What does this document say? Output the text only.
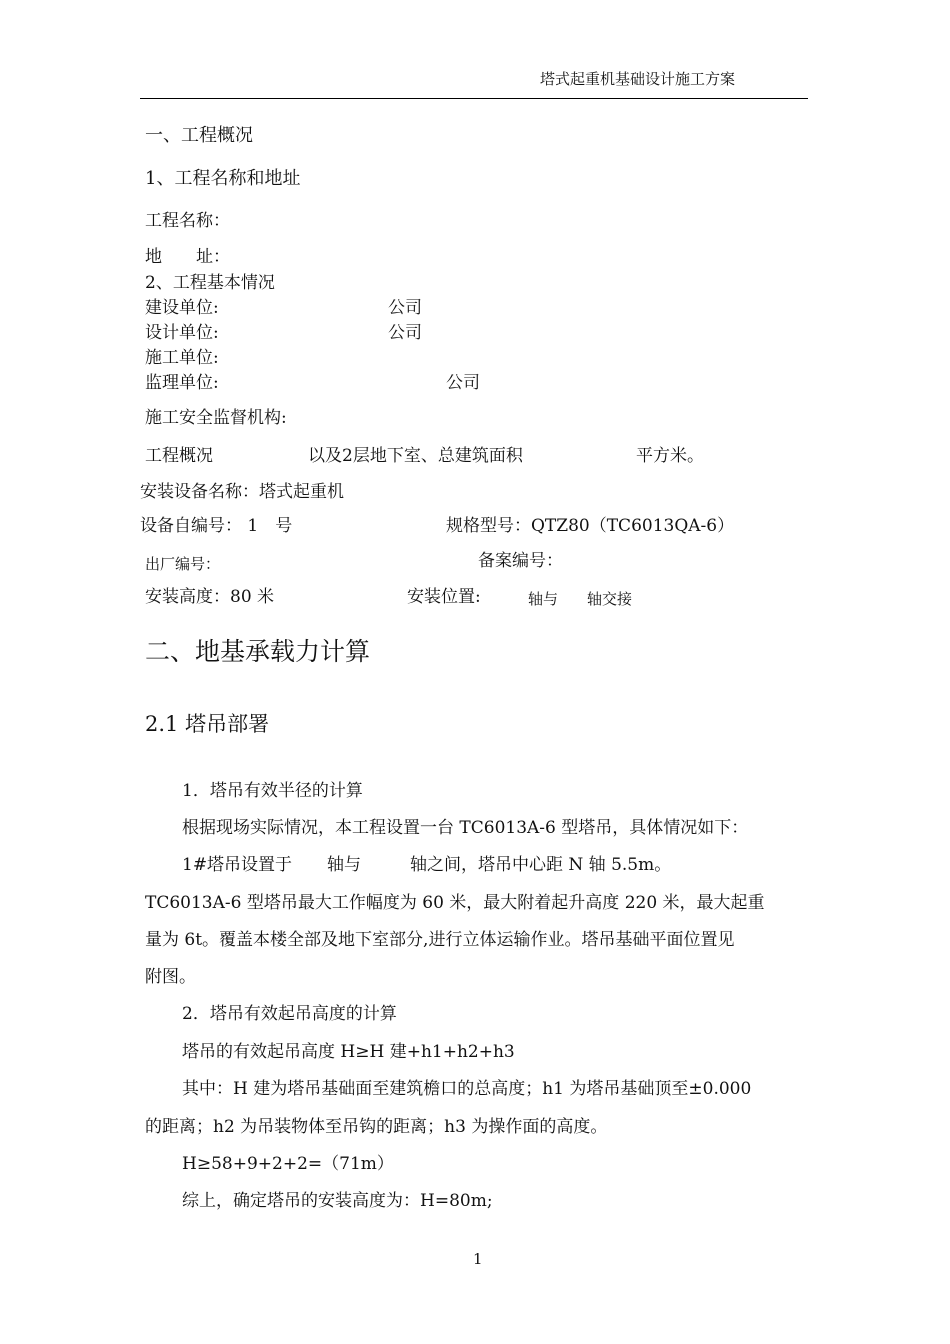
塔式起重机基础设计施工方案
一、工程概况
1、工程名称和地址
工程名称：
地　　址：
2、工程基本情况
建设单位:	公司
设计单位:	公司
施工单位:
监理单位:	公司
施工安全监督机构:
工程概况	以及2层地下室、总建筑面积	平方米。
安装设备名称：塔式起重机
设备自编号： 1　号	规格型号：QTZ80（TC6013QA-6）
出厂编号：	备案编号：
安装高度：80 米	安装位置:	轴与 轴交接
二、地基承载力计算
2.1 塔吊部署
1．塔吊有效半径的计算
根据现场实际情况，本工程设置一台 TC6013A-6 型塔吊，具体情况如下：
1#塔吊设置于 轴与	轴之间，塔吊中心距 N 轴 5.5m。
TC6013A-6 型塔吊最大工作幅度为 60 米，最大附着起升高度 220 米，最大起重
量为 6t。覆盖本楼全部及地下室部分,进行立体运输作业。塔吊基础平面位置见
附图。
2．塔吊有效起吊高度的计算
塔吊的有效起吊高度 H≥H 建+h1+h2+h3
其中：H 建为塔吊基础面至建筑檐口的总高度；h1 为塔吊基础顶至±0.000
的距离；h2 为吊装物体至吊钩的距离；h3 为操作面的高度。
H≥58+9+2+2=（71m）
综上，确定塔吊的安装高度为：H=80m;
1
